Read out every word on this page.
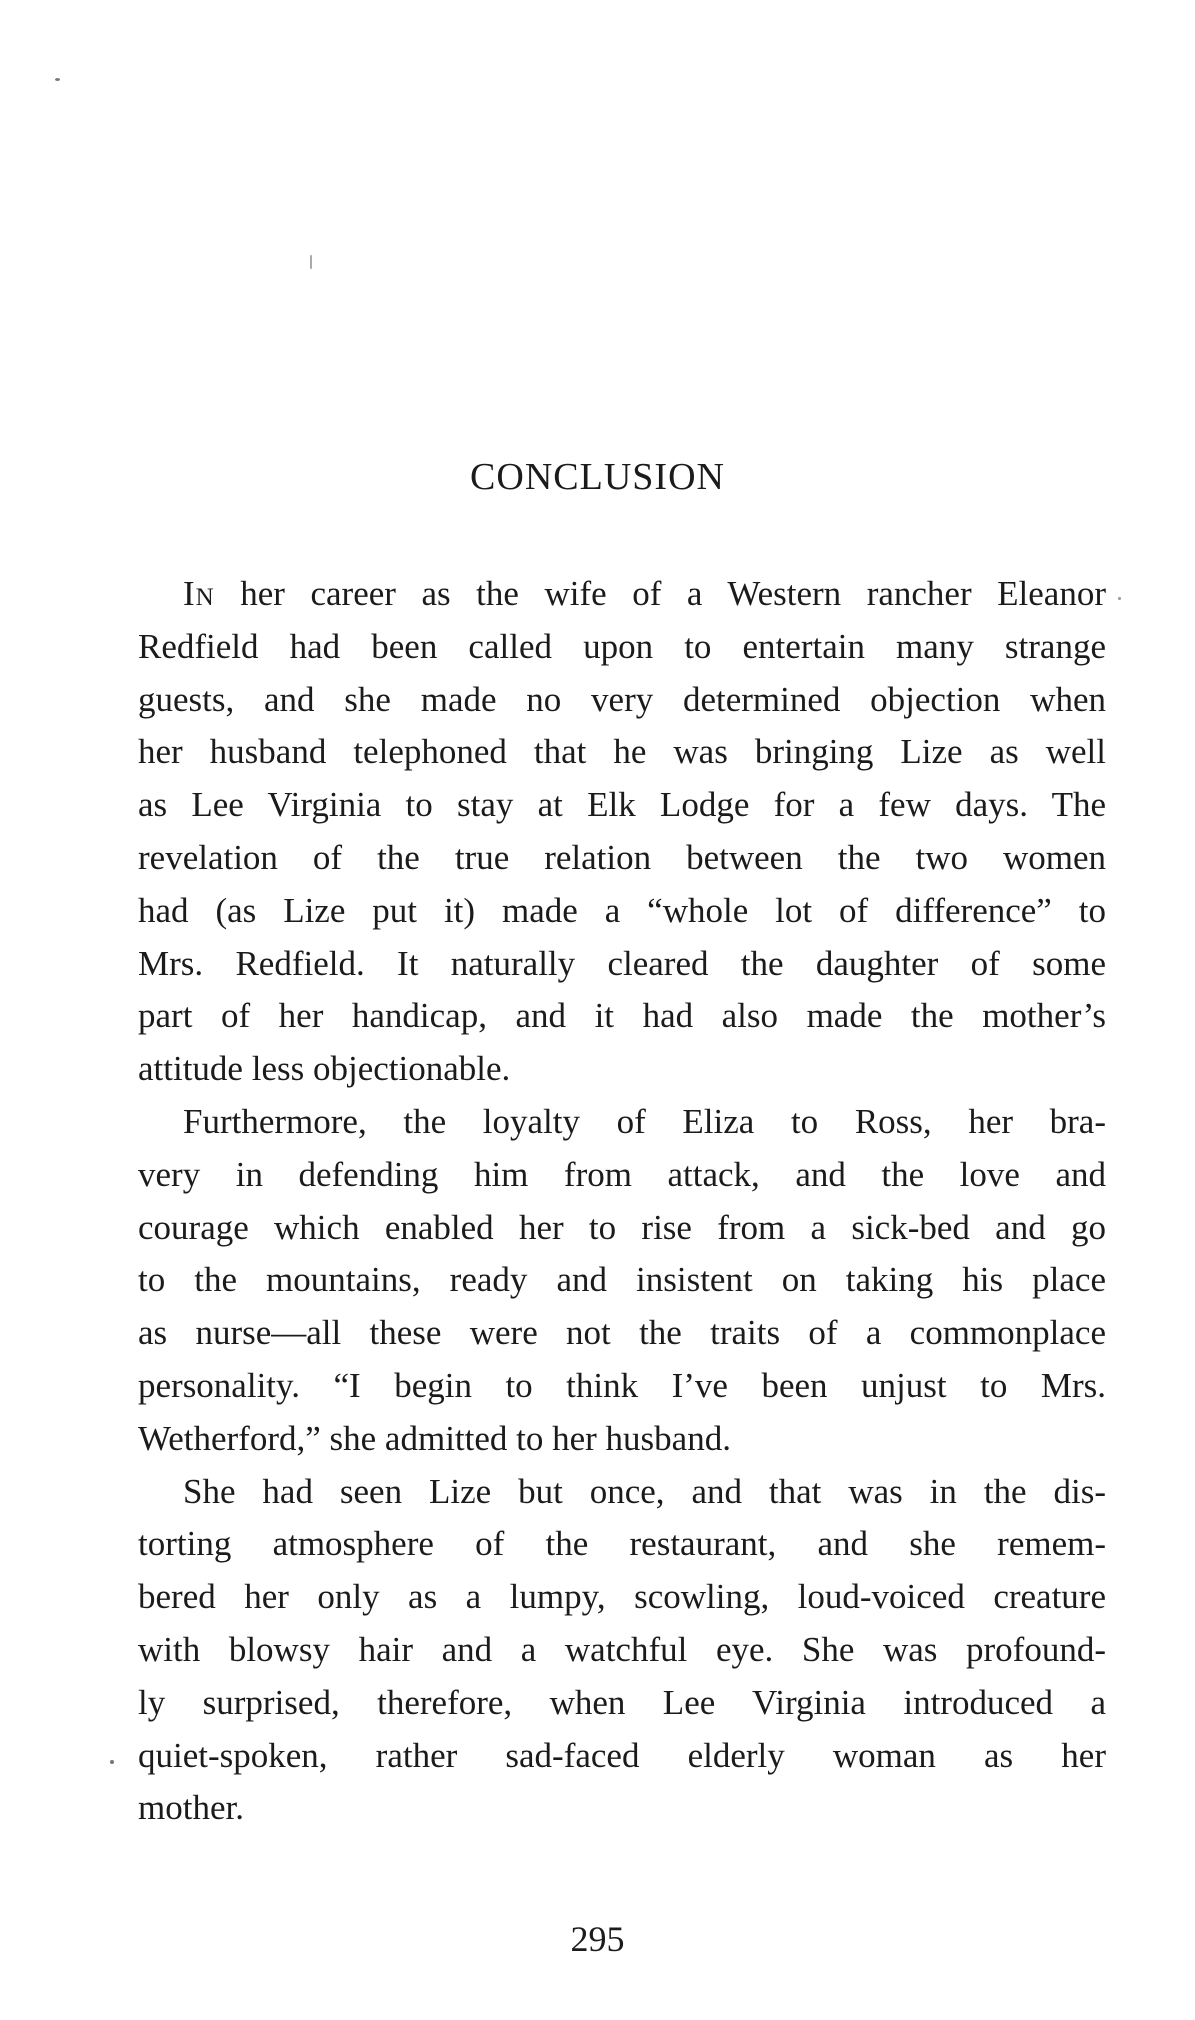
CONCLUSION
In her career as the wife of a Western rancher Eleanor
Redfield had been called upon to entertain many strange
guests, and she made no very determined objection when
her husband telephoned that he was bringing Lize as well
as Lee Virginia to stay at Elk Lodge for a few days. The
revelation of the true relation between the two women
had (as Lize put it) made a “whole lot of difference” to
Mrs. Redfield. It naturally cleared the daughter of some
part of her handicap, and it had also made the mother’s
attitude less objectionable.
Furthermore, the loyalty of Eliza to Ross, her bra-
very in defending him from attack, and the love and
courage which enabled her to rise from a sick-bed and go
to the mountains, ready and insistent on taking his place
as nurse—all these were not the traits of a commonplace
personality. “I begin to think I’ve been unjust to Mrs.
Wetherford,” she admitted to her husband.
She had seen Lize but once, and that was in the dis-
torting atmosphere of the restaurant, and she remem-
bered her only as a lumpy, scowling, loud-voiced creature
with blowsy hair and a watchful eye. She was profound-
ly surprised, therefore, when Lee Virginia introduced a
quiet-spoken, rather sad-faced elderly woman as her
mother.
295
